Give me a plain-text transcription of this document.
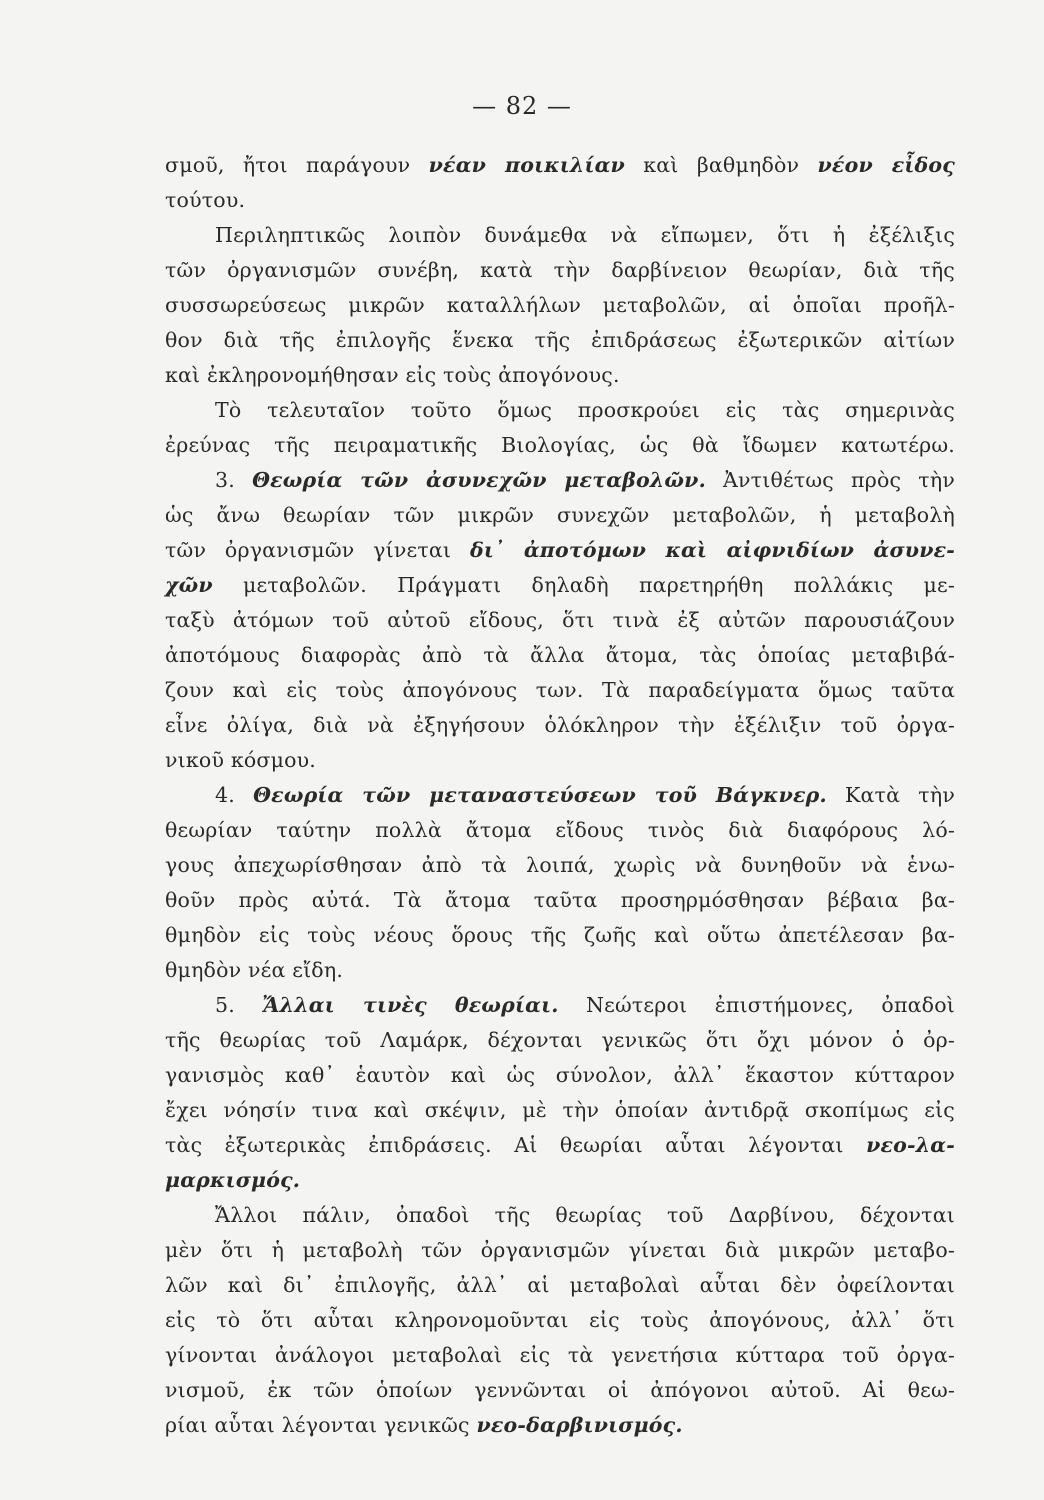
— 82 —
σμοῦ, ἤτοι παράγουν νέαν ποικιλίαν καὶ βαθμηδὸν νέον εἶδος
τούτου.
Περιληπτικῶς λοιπὸν δυνάμεθα νὰ εἴπωμεν, ὅτι ἡ ἐξέλιξις
τῶν ὀργανισμῶν συνέβη, κατὰ τὴν δαρβίνειον θεωρίαν, διὰ τῆς
συσσωρεύσεως μικρῶν καταλλήλων μεταβολῶν, αἱ ὁποῖαι προῆλ-
θον διὰ τῆς ἐπιλογῆς ἕνεκα τῆς ἐπιδράσεως ἐξωτερικῶν αἰτίων
καὶ ἐκληρονομήθησαν εἰς τοὺς ἀπογόνους.
Τὸ τελευταῖον τοῦτο ὅμως προσκρούει εἰς τὰς σημερινὰς
ἐρεύνας τῆς πειραματικῆς Βιολογίας, ὡς θὰ ἴδωμεν κατωτέρω.
3. Θεωρία τῶν ἀσυνεχῶν μεταβολῶν. Ἀντιθέτως πρὸς τὴν
ὡς ἄνω θεωρίαν τῶν μικρῶν συνεχῶν μεταβολῶν, ἡ μεταβολὴ
τῶν ὀργανισμῶν γίνεται δι᾿ ἀποτόμων καὶ αἰφνιδίων ἀσυνε-
χῶν μεταβολῶν. Πράγματι δηλαδὴ παρετηρήθη πολλάκις με-
ταξὺ ἀτόμων τοῦ αὐτοῦ εἴδους, ὅτι τινὰ ἐξ αὐτῶν παρουσιάζουν
ἀποτόμους διαφορὰς ἀπὸ τὰ ἄλλα ἄτομα, τὰς ὁποίας μεταβιβά-
ζουν καὶ εἰς τοὺς ἀπογόνους των. Τὰ παραδείγματα ὅμως ταῦτα
εἶνε ὀλίγα, διὰ νὰ ἐξηγήσουν ὁλόκληρον τὴν ἐξέλιξιν τοῦ ὀργα-
νικοῦ κόσμου.
4. Θεωρία τῶν μεταναστεύσεων τοῦ Βάγκνερ. Κατὰ τὴν
θεωρίαν ταύτην πολλὰ ἄτομα εἴδους τινὸς διὰ διαφόρους λό-
γους ἀπεχωρίσθησαν ἀπὸ τὰ λοιπά, χωρὶς νὰ δυνηθοῦν νὰ ἑνω-
θοῦν πρὸς αὐτά. Τὰ ἄτομα ταῦτα προσηρμόσθησαν βέβαια βα-
θμηδὸν εἰς τοὺς νέους ὅρους τῆς ζωῆς καὶ οὕτω ἀπετέλεσαν βα-
θμηδὸν νέα εἴδη.
5. Ἄλλαι τινὲς θεωρίαι. Νεώτεροι ἐπιστήμονες, ὀπαδοὶ
τῆς θεωρίας τοῦ Λαμάρκ, δέχονται γενικῶς ὅτι ὄχι μόνον ὁ ὀρ-
γανισμὸς καθ᾿ ἑαυτὸν καὶ ὡς σύνολον, ἀλλ᾿ ἕκαστον κύτταρον
ἔχει νόησίν τινα καὶ σκέψιν, μὲ τὴν ὁποίαν ἀντιδρᾷ σκοπίμως εἰς
τὰς ἐξωτερικὰς ἐπιδράσεις. Αἱ θεωρίαι αὗται λέγονται νεο-λα-
μαρκισμός.
Ἄλλοι πάλιν, ὀπαδοὶ τῆς θεωρίας τοῦ Δαρβίνου, δέχονται
μὲν ὅτι ἡ μεταβολὴ τῶν ὀργανισμῶν γίνεται διὰ μικρῶν μεταβο-
λῶν καὶ δι᾿ ἐπιλογῆς, ἀλλ᾿ αἱ μεταβολαὶ αὗται δὲν ὀφείλονται
εἰς τὸ ὅτι αὗται κληρονομοῦνται εἰς τοὺς ἀπογόνους, ἀλλ᾿ ὅτι
γίνονται ἀνάλογοι μεταβολαὶ εἰς τὰ γενετήσια κύτταρα τοῦ ὀργα-
νισμοῦ, ἐκ τῶν ὁποίων γεννῶνται οἱ ἀπόγονοι αὐτοῦ. Αἱ θεω-
ρίαι αὗται λέγονται γενικῶς νεο-δαρβινισμός.
